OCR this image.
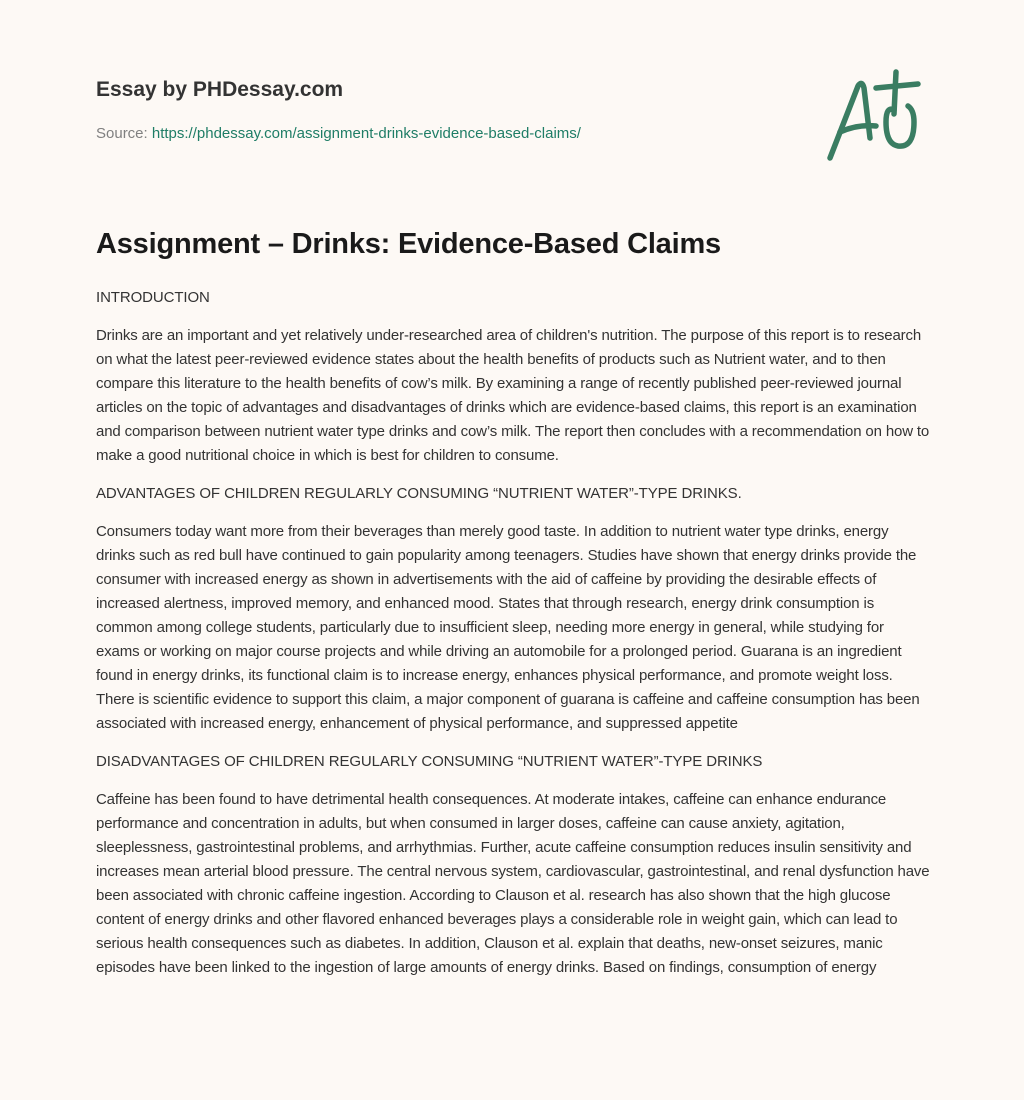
Essay by PHDessay.com
Source: https://phdessay.com/assignment-drinks-evidence-based-claims/
Assignment – Drinks: Evidence-Based Claims
INTRODUCTION

Drinks are an important and yet relatively under-researched area of children's nutrition. The purpose of this report is to research on what the latest peer-reviewed evidence states about the health benefits of products such as Nutrient water, and to then compare this literature to the health benefits of cow’s milk. By examining a range of recently published peer-reviewed journal articles on the topic of advantages and disadvantages of drinks which are evidence-based claims, this report is an examination and comparison between nutrient water type drinks and cow’s milk. The report then concludes with a recommendation on how to make a good nutritional choice in which is best for children to consume.

ADVANTAGES OF CHILDREN REGULARLY CONSUMING “NUTRIENT WATER”-TYPE DRINKS.

Consumers today want more from their beverages than merely good taste. In addition to nutrient water type drinks, energy drinks such as red bull have continued to gain popularity among teenagers. Studies have shown that energy drinks provide the consumer with increased energy as shown in advertisements with the aid of caffeine by providing the desirable effects of increased alertness, improved memory, and enhanced mood. States that through research, energy drink consumption is common among college students, particularly due to insufficient sleep, needing more energy in general, while studying for exams or working on major course projects and while driving an automobile for a prolonged period. Guarana is an ingredient found in energy drinks, its functional claim is to increase energy, enhances physical performance, and promote weight loss. There is scientific evidence to support this claim, a major component of guarana is caffeine and caffeine consumption has been associated with increased energy, enhancement of physical performance, and suppressed appetite

DISADVANTAGES OF CHILDREN REGULARLY CONSUMING “NUTRIENT WATER”-TYPE DRINKS

Caffeine has been found to have detrimental health consequences. At moderate intakes, caffeine can enhance endurance performance and concentration in adults, but when consumed in larger doses, caffeine can cause anxiety, agitation, sleeplessness, gastrointestinal problems, and arrhythmias. Further, acute caffeine consumption reduces insulin sensitivity and increases mean arterial blood pressure. The central nervous system, cardiovascular, gastrointestinal, and renal dysfunction have been associated with chronic caffeine ingestion. According to Clauson et al. research has also shown that the high glucose content of energy drinks and other flavored enhanced beverages plays a considerable role in weight gain, which can lead to serious health consequences such as diabetes. In addition, Clauson et al. explain that deaths, new-onset seizures, manic episodes have been linked to the ingestion of large amounts of energy drinks. Based on findings, consumption of energy
